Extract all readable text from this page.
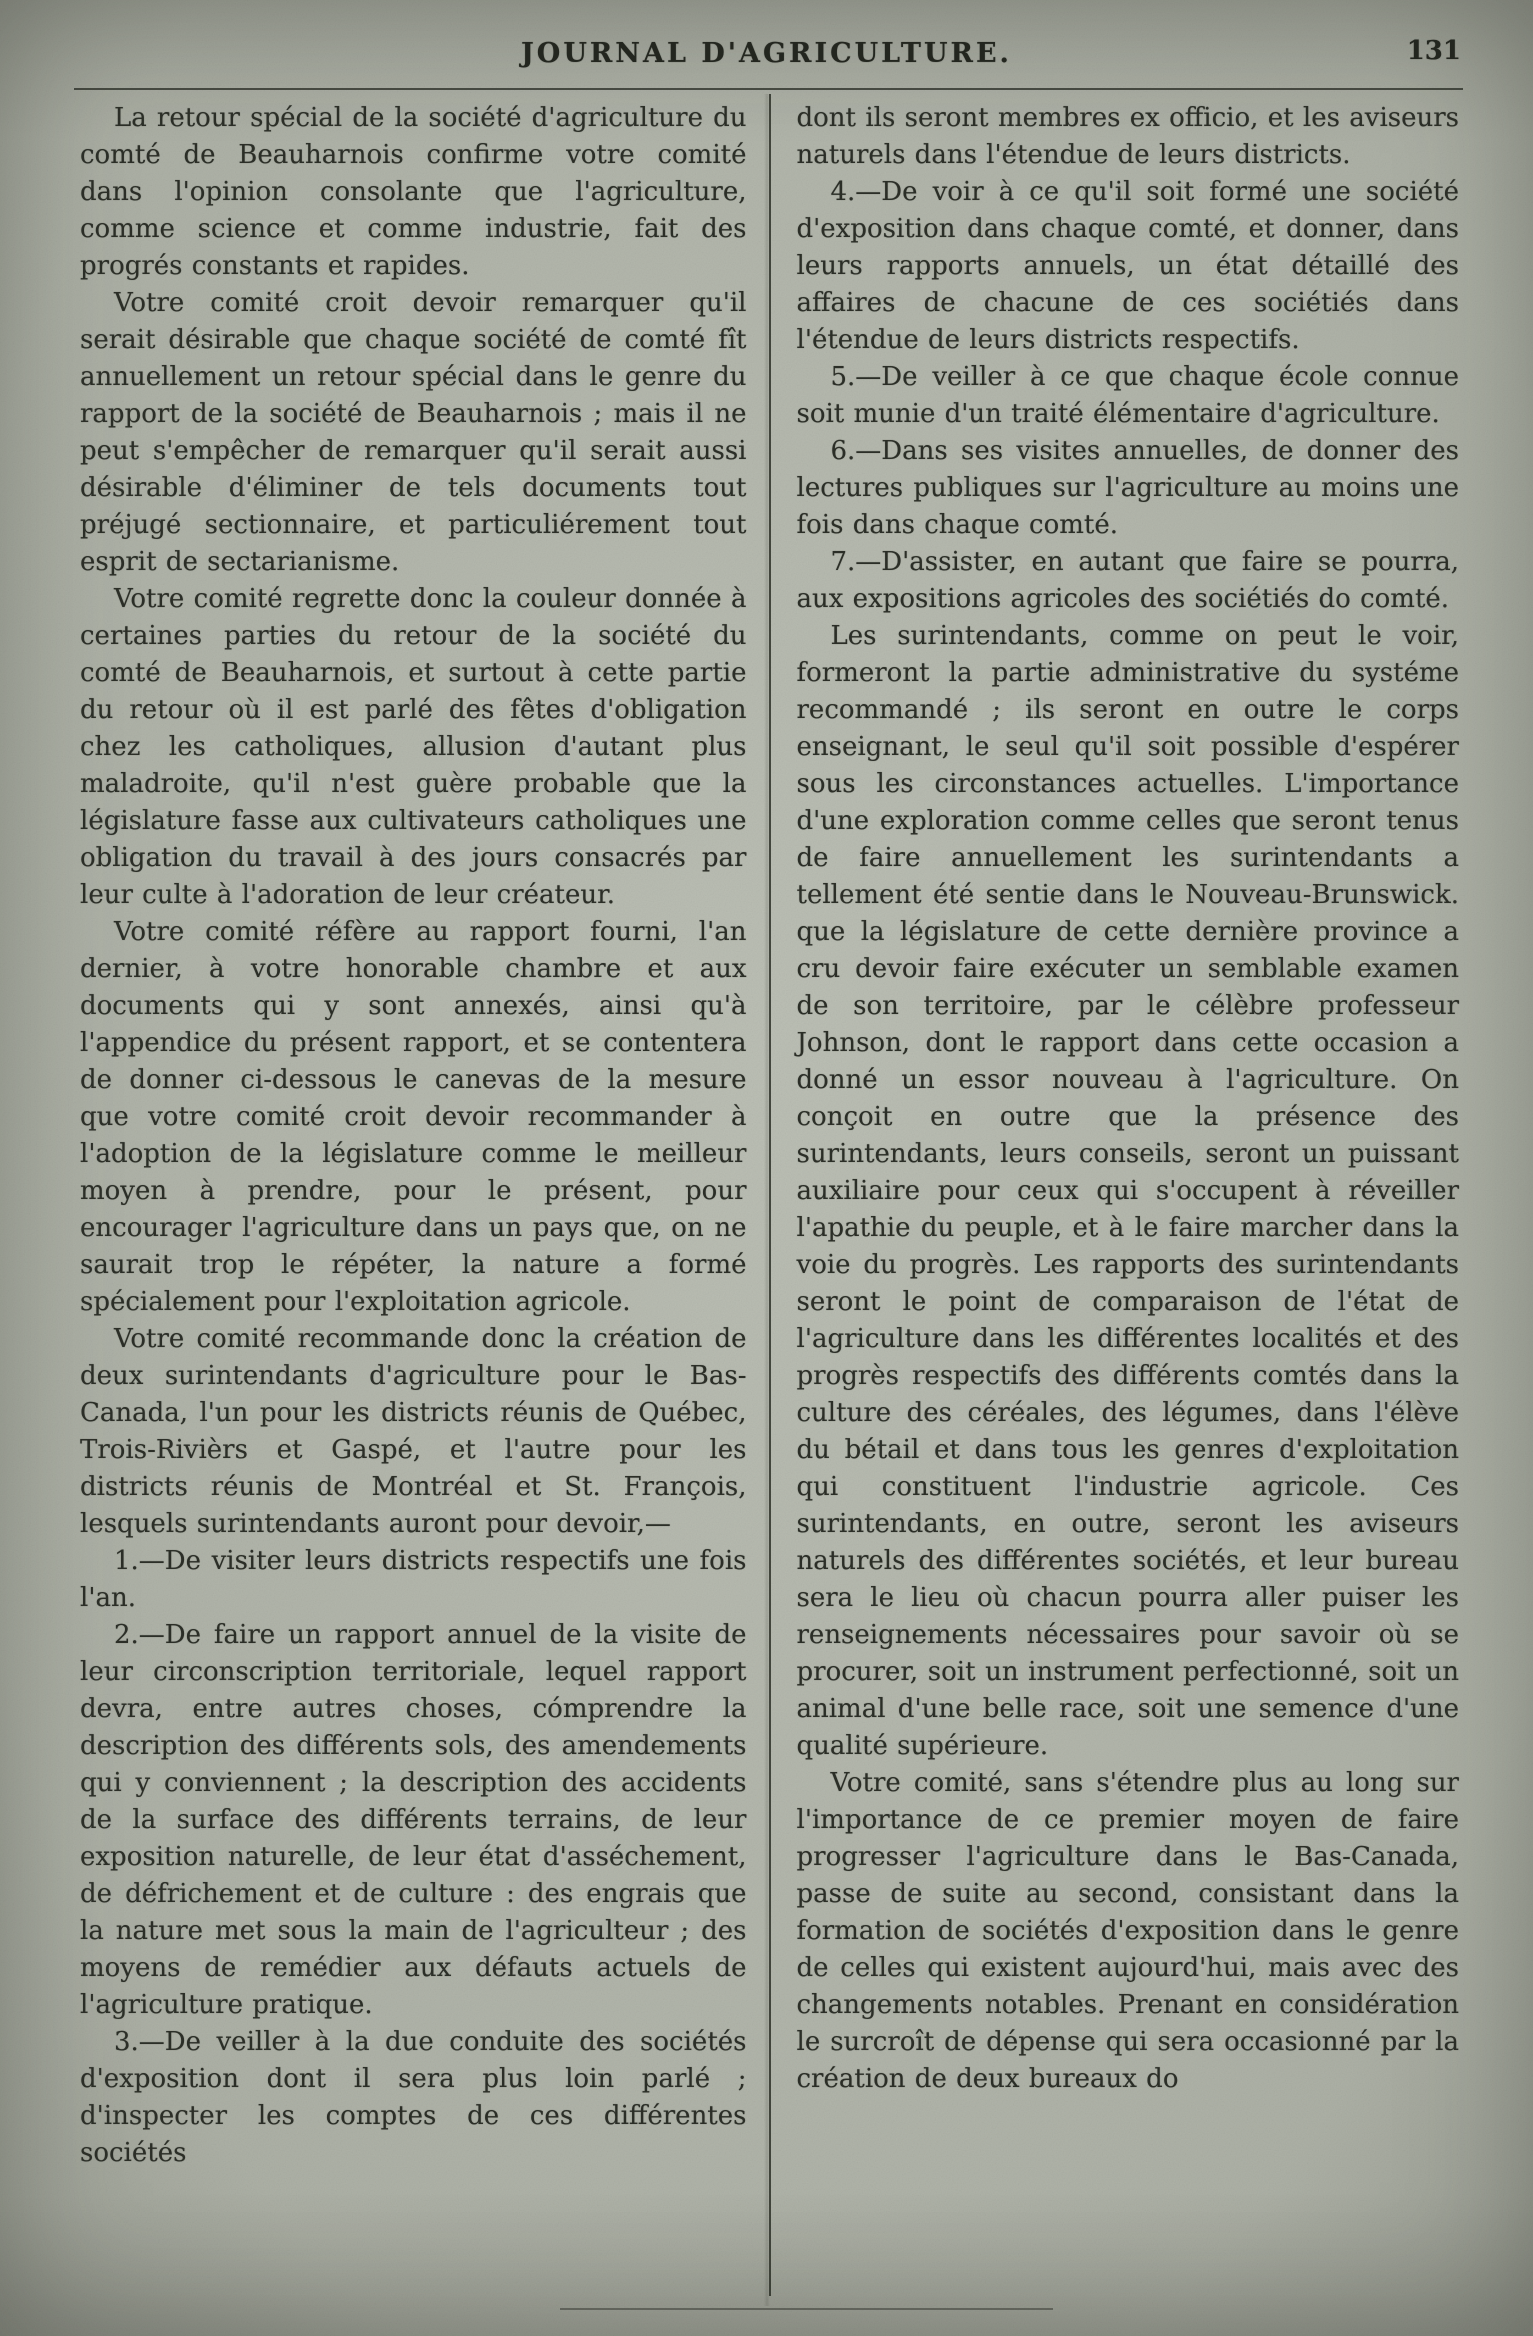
JOURNAL D'AGRICULTURE.	131

La retour spécial de la société d'agriculture du comté de Beauharnois confirme votre comité dans l'opinion consolante que l'agriculture, comme science et comme industrie, fait des progrés constants et rapides.

Votre comité croit devoir remarquer qu'il serait désirable que chaque société de comté fît annuellement un retour spécial dans le genre du rapport de la société de Beauharnois ; mais il ne peut s'empêcher de remarquer qu'il serait aussi désirable d'éliminer de tels documents tout préjugé sectionnaire, et particuliérement tout esprit de sectarianisme.

Votre comité regrette donc la couleur donnée à certaines parties du retour de la société du comté de Beauharnois, et surtout à cette partie du retour où il est parlé des fêtes d'obligation chez les catholiques, allusion d'autant plus maladroite, qu'il n'est guère probable que la législature fasse aux cultivateurs catholiques une obligation du travail à des jours consacrés par leur culte à l'adoration de leur créateur.

Votre comité réfère au rapport fourni, l'an dernier, à votre honorable chambre et aux documents qui y sont annexés, ainsi qu'à l'appendice du présent rapport, et se contentera de donner ci-dessous le canevas de la mesure que votre comité croit devoir recommander à l'adoption de la législature comme le meilleur moyen à prendre, pour le présent, pour encourager l'agriculture dans un pays que, on ne saurait trop le répéter, la nature a formé spécialement pour l'exploitation agricole.

Votre comité recommande donc la création de deux surintendants d'agriculture pour le Bas-Canada, l'un pour les districts réunis de Québec, Trois-Rivièrs et Gaspé, et l'autre pour les districts réunis de Montréal et St. François, lesquels surintendants auront pour devoir,—

1.—De visiter leurs districts respectifs une fois l'an.

2.—De faire un rapport annuel de la visite de leur circonscription territoriale, lequel rapport devra, entre autres choses, cómprendre la description des différents sols, des amendements qui y conviennent ; la description des accidents de la surface des différents terrains, de leur exposition naturelle, de leur état d'asséchement, de défrichement et de culture : des engrais que la nature met sous la main de l'agriculteur ; des moyens de remédier aux défauts actuels de l'agriculture pratique.

3.—De veiller à la due conduite des sociétés d'exposition dont il sera plus loin parlé ; d'inspecter les comptes de ces différentes sociétés

dont ils seront membres ex officio, et les aviseurs naturels dans l'étendue de leurs districts.

4.—De voir à ce qu'il soit formé une société d'exposition dans chaque comté, et donner, dans leurs rapports annuels, un état détaillé des affaires de chacune de ces sociétiés dans l'étendue de leurs districts respectifs.

5.—De veiller à ce que chaque école connue soit munie d'un traité élémentaire d'agriculture.

6.—Dans ses visites annuelles, de donner des lectures publiques sur l'agriculture au moins une fois dans chaque comté.

7.—D'assister, en autant que faire se pourra, aux expositions agricoles des sociétiés do comté.

Les surintendants, comme on peut le voir, formeront la partie administrative du systéme recommandé ; ils seront en outre le corps enseignant, le seul qu'il soit possible d'espérer sous les circonstances actuelles. L'importance d'une exploration comme celles que seront tenus de faire annuellement les surintendants a tellement été sentie dans le Nouveau-Brunswick. que la législature de cette dernière province a cru devoir faire exécuter un semblable examen de son territoire, par le célèbre professeur Johnson, dont le rapport dans cette occasion a donné un essor nouveau à l'agriculture. On conçoit en outre que la présence des surintendants, leurs conseils, seront un puissant auxiliaire pour ceux qui s'occupent à réveiller l'apathie du peuple, et à le faire marcher dans la voie du progrès. Les rapports des surintendants seront le point de comparaison de l'état de l'agriculture dans les différentes localités et des progrès respectifs des différents comtés dans la culture des céréales, des légumes, dans l'élève du bétail et dans tous les genres d'exploitation qui constituent l'industrie agricole. Ces surintendants, en outre, seront les aviseurs naturels des différentes sociétés, et leur bureau sera le lieu où chacun pourra aller puiser les renseignements nécessaires pour savoir où se procurer, soit un instrument perfectionné, soit un animal d'une belle race, soit une semence d'une qualité supérieure.

Votre comité, sans s'étendre plus au long sur l'importance de ce premier moyen de faire progresser l'agriculture dans le Bas-Canada, passe de suite au second, consistant dans la formation de sociétés d'exposition dans le genre de celles qui existent aujourd'hui, mais avec des changements notables. Prenant en considération le surcroît de dépense qui sera occasionné par la création de deux bureaux do
